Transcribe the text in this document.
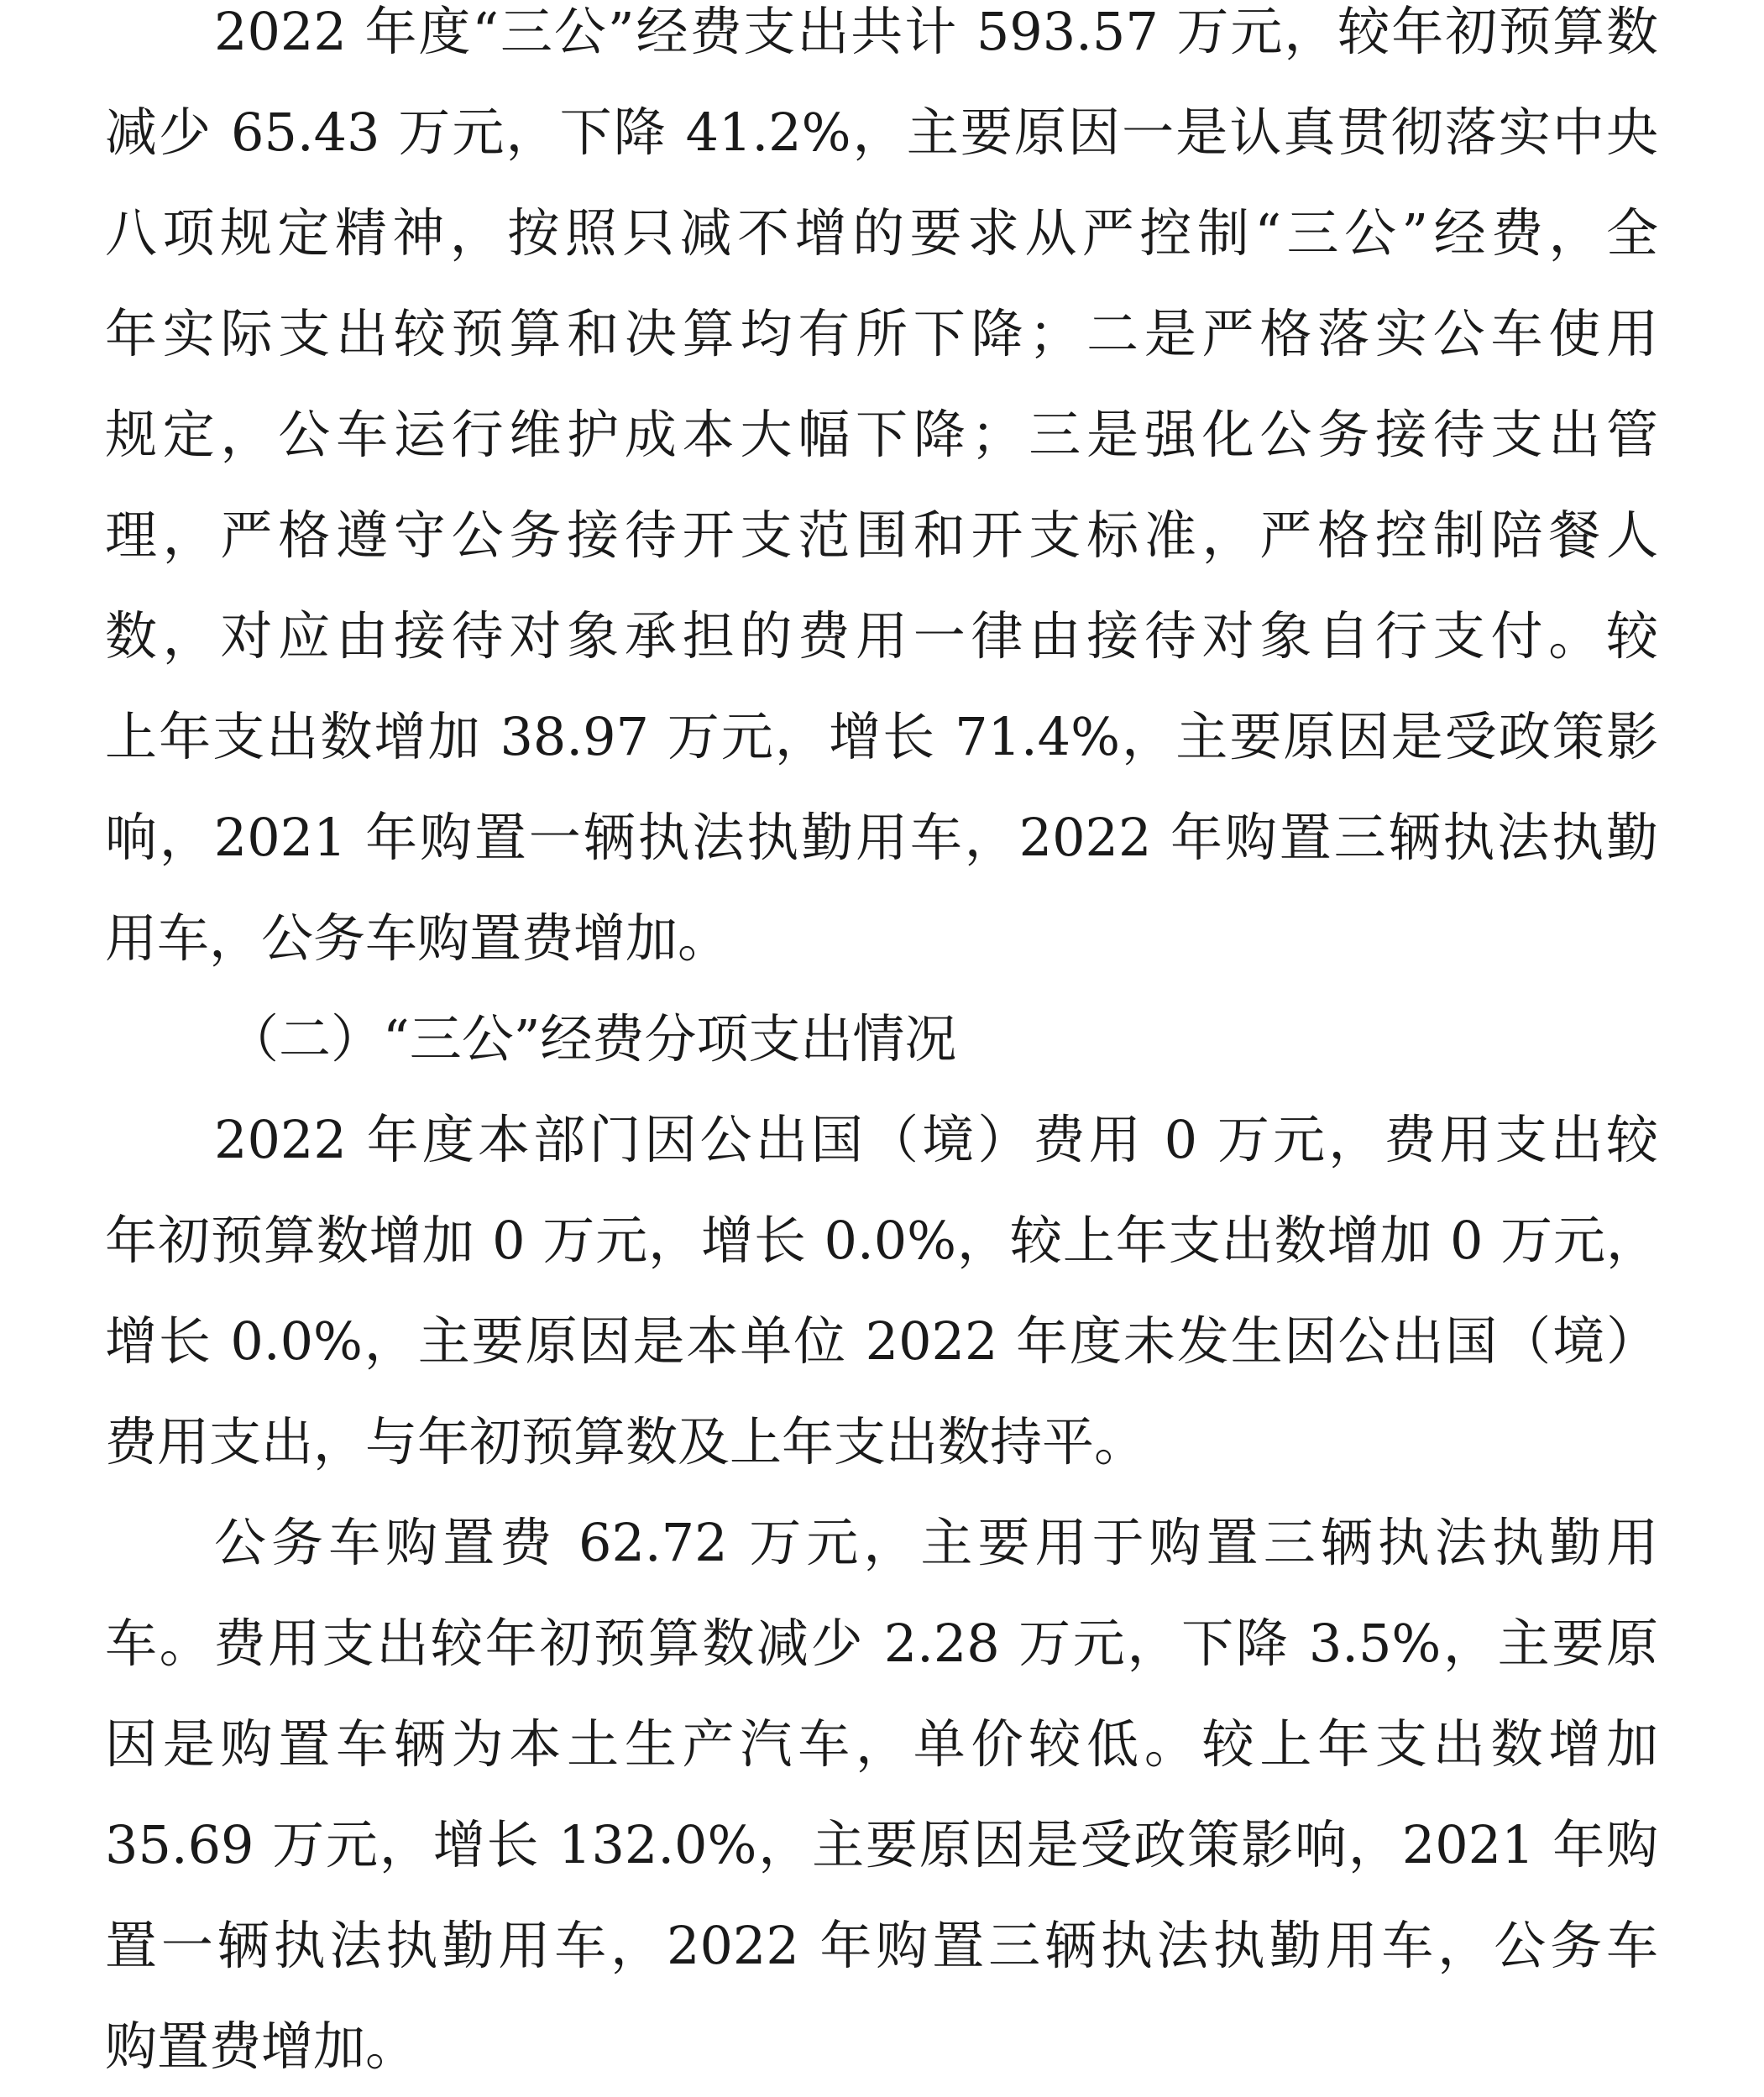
2022 年度“三公”经费支出共计 593.57 万元，较年初预算数
减少 65.43 万元，下降 41.2%，主要原因一是认真贯彻落实中央
八项规定精神，按照只减不增的要求从严控制“三公”经费，全
年实际支出较预算和决算均有所下降；二是严格落实公车使用
规定，公车运行维护成本大幅下降；三是强化公务接待支出管
理，严格遵守公务接待开支范围和开支标准，严格控制陪餐人
数，对应由接待对象承担的费用一律由接待对象自行支付。较
上年支出数增加 38.97 万元，增长 71.4%，主要原因是受政策影
响，2021 年购置一辆执法执勤用车，2022 年购置三辆执法执勤
用车，公务车购置费增加。
（二）“三公”经费分项支出情况
2022 年度本部门因公出国（境）费用 0 万元，费用支出较
年初预算数增加 0 万元，增长 0.0%，较上年支出数增加 0 万元，
增长 0.0%，主要原因是本单位 2022 年度未发生因公出国（境）
费用支出，与年初预算数及上年支出数持平。
公务车购置费 62.72 万元，主要用于购置三辆执法执勤用
车。费用支出较年初预算数减少 2.28 万元，下降 3.5%，主要原
因是购置车辆为本土生产汽车，单价较低。较上年支出数增加
35.69 万元，增长 132.0%，主要原因是受政策影响，2021 年购
置一辆执法执勤用车，2022 年购置三辆执法执勤用车，公务车
购置费增加。
